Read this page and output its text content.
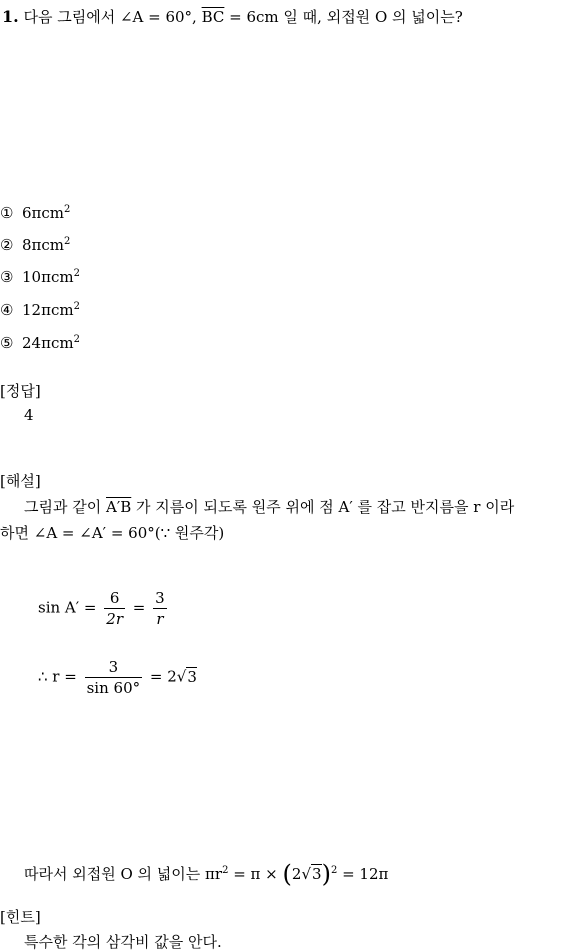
1. 다음 그림에서 ∠A = 60°, $\overline{BC} = 6cm$ 일 때, 외접원 O 의 넓이는?
① 6πcm$^2$
② 8πcm$^2$
③ 10πcm$^2$
④ 12πcm$^2$
⑤ 24πcm$^2$
[정답]
4
[해설]
그림과 같이 A′B 가 지름이 되도록 원주 위에 점 A′ 를 잡고 반지름을 r 이라
하면 ∠A = ∠A′ = 60°(∵ 원주각)
$\sin A' = \frac{6}{2r} = \frac{3}{r}$
∴ $r = \frac{3}{\sin 60^\circ} = 2√3$
따라서 외접원 O 의 넓이는 $\pi r^2 = \pi \times (2√3)^2 = 12\pi$
[힌트]
특수한 각의 삼각비 값을 안다.
